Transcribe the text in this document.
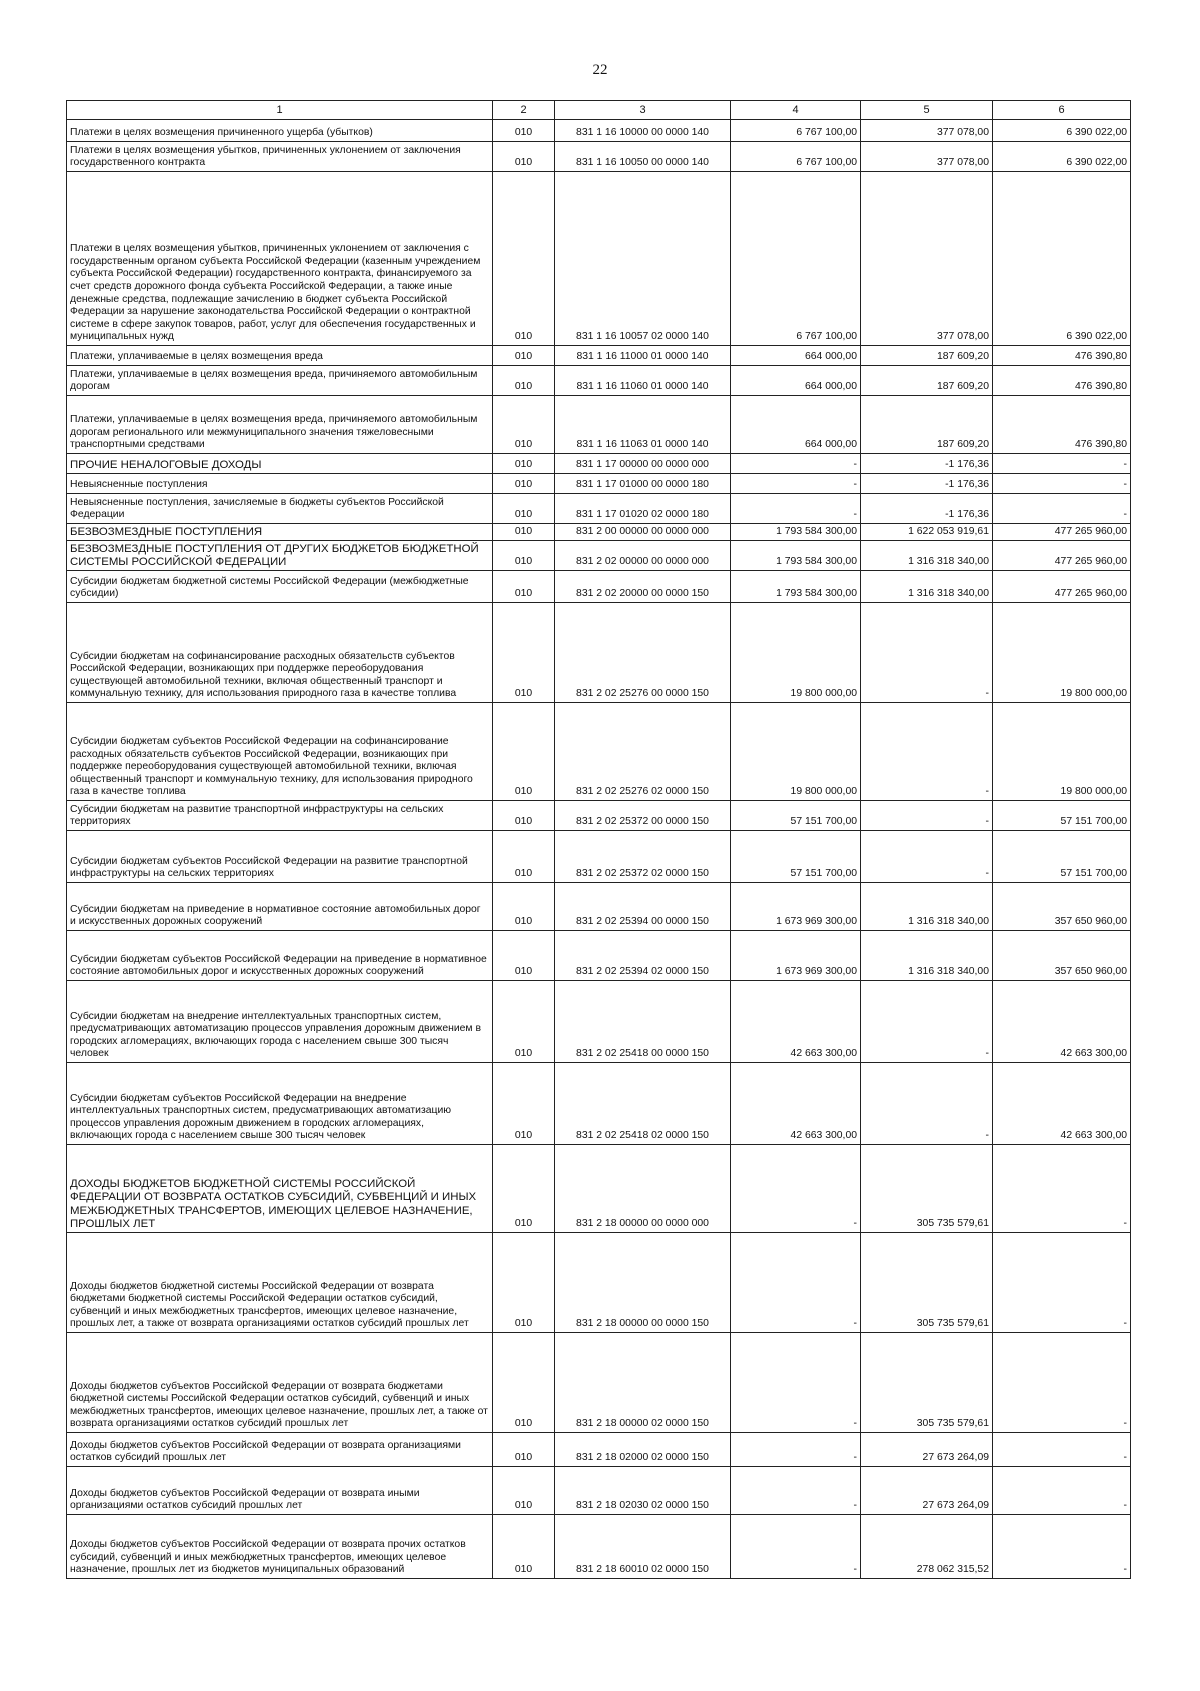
22
1	2	3	4	5	6
Платежи в целях возмещения причиненного ущерба (убытков)	010	831 1 16 10000 00 0000 140	6 767 100,00	377 078,00	6 390 022,00
Платежи в целях возмещения убытков, причиненных уклонением от заключения государственного контракта	010	831 1 16 10050 00 0000 140	6 767 100,00	377 078,00	6 390 022,00
Платежи в целях возмещения убытков, причиненных уклонением от заключения с государственным органом субъекта Российской Федерации (казенным учреждением субъекта Российской Федерации) государственного контракта, финансируемого за счет средств дорожного фонда субъекта Российской Федерации, а также иные денежные средства, подлежащие зачислению в бюджет субъекта Российской Федерации за нарушение законодательства Российской Федерации о контрактной системе в сфере закупок товаров, работ, услуг для обеспечения государственных и муниципальных нужд	010	831 1 16 10057 02 0000 140	6 767 100,00	377 078,00	6 390 022,00
Платежи, уплачиваемые в целях возмещения вреда	010	831 1 16 11000 01 0000 140	664 000,00	187 609,20	476 390,80
Платежи, уплачиваемые в целях возмещения вреда, причиняемого автомобильным дорогам	010	831 1 16 11060 01 0000 140	664 000,00	187 609,20	476 390,80
Платежи, уплачиваемые в целях возмещения вреда, причиняемого автомобильным дорогам регионального или межмуниципального значения тяжеловесными транспортными средствами	010	831 1 16 11063 01 0000 140	664 000,00	187 609,20	476 390,80
ПРОЧИЕ НЕНАЛОГОВЫЕ ДОХОДЫ	010	831 1 17 00000 00 0000 000	-	-1 176,36	-
Невыясненные поступления	010	831 1 17 01000 00 0000 180	-	-1 176,36	-
Невыясненные поступления, зачисляемые в бюджеты субъектов Российской Федерации	010	831 1 17 01020 02 0000 180	-	-1 176,36	-
БЕЗВОЗМЕЗДНЫЕ ПОСТУПЛЕНИЯ	010	831 2 00 00000 00 0000 000	1 793 584 300,00	1 622 053 919,61	477 265 960,00
БЕЗВОЗМЕЗДНЫЕ ПОСТУПЛЕНИЯ ОТ ДРУГИХ БЮДЖЕТОВ БЮДЖЕТНОЙ СИСТЕМЫ РОССИЙСКОЙ ФЕДЕРАЦИИ	010	831 2 02 00000 00 0000 000	1 793 584 300,00	1 316 318 340,00	477 265 960,00
Субсидии бюджетам бюджетной системы Российской Федерации (межбюджетные субсидии)	010	831 2 02 20000 00 0000 150	1 793 584 300,00	1 316 318 340,00	477 265 960,00
Субсидии бюджетам на софинансирование расходных обязательств субъектов Российской Федерации, возникающих при поддержке переоборудования существующей автомобильной техники, включая общественный транспорт и коммунальную технику, для использования природного газа в качестве топлива	010	831 2 02 25276 00 0000 150	19 800 000,00	-	19 800 000,00
Субсидии бюджетам субъектов Российской Федерации на софинансирование расходных обязательств субъектов Российской Федерации, возникающих при поддержке переоборудования существующей автомобильной техники, включая общественный транспорт и коммунальную технику, для использования природного газа в качестве топлива	010	831 2 02 25276 02 0000 150	19 800 000,00	-	19 800 000,00
Субсидии бюджетам на развитие транспортной инфраструктуры на сельских территориях	010	831 2 02 25372 00 0000 150	57 151 700,00	-	57 151 700,00
Субсидии бюджетам субъектов Российской Федерации на развитие транспортной инфраструктуры на сельских территориях	010	831 2 02 25372 02 0000 150	57 151 700,00	-	57 151 700,00
Субсидии бюджетам на приведение в нормативное состояние автомобильных дорог и искусственных дорожных сооружений	010	831 2 02 25394 00 0000 150	1 673 969 300,00	1 316 318 340,00	357 650 960,00
Субсидии бюджетам субъектов Российской Федерации на приведение в нормативное состояние автомобильных дорог и искусственных дорожных сооружений	010	831 2 02 25394 02 0000 150	1 673 969 300,00	1 316 318 340,00	357 650 960,00
Субсидии бюджетам на внедрение интеллектуальных транспортных систем, предусматривающих автоматизацию процессов управления дорожным движением в городских агломерациях, включающих города с населением свыше 300 тысяч человек	010	831 2 02 25418 00 0000 150	42 663 300,00	-	42 663 300,00
Субсидии бюджетам субъектов Российской Федерации на внедрение интеллектуальных транспортных систем, предусматривающих автоматизацию процессов управления дорожным движением в городских агломерациях, включающих города с населением свыше 300 тысяч человек	010	831 2 02 25418 02 0000 150	42 663 300,00	-	42 663 300,00
ДОХОДЫ БЮДЖЕТОВ БЮДЖЕТНОЙ СИСТЕМЫ РОССИЙСКОЙ ФЕДЕРАЦИИ ОТ ВОЗВРАТА ОСТАТКОВ СУБСИДИЙ, СУБВЕНЦИЙ И ИНЫХ МЕЖБЮДЖЕТНЫХ ТРАНСФЕРТОВ, ИМЕЮЩИХ ЦЕЛЕВОЕ НАЗНАЧЕНИЕ, ПРОШЛЫХ ЛЕТ	010	831 2 18 00000 00 0000 000	-	305 735 579,61	-
Доходы бюджетов бюджетной системы Российской Федерации от возврата бюджетами бюджетной системы Российской Федерации остатков субсидий, субвенций и иных межбюджетных трансфертов, имеющих целевое назначение, прошлых лет, а также от возврата организациями остатков субсидий прошлых лет	010	831 2 18 00000 00 0000 150	-	305 735 579,61	-
Доходы бюджетов субъектов Российской Федерации от возврата бюджетами бюджетной системы Российской Федерации остатков субсидий, субвенций и иных межбюджетных трансфертов, имеющих целевое назначение, прошлых лет, а также от возврата организациями остатков субсидий прошлых лет	010	831 2 18 00000 02 0000 150	-	305 735 579,61	-
Доходы бюджетов субъектов Российской Федерации от возврата организациями остатков субсидий прошлых лет	010	831 2 18 02000 02 0000 150	-	27 673 264,09	-
Доходы бюджетов субъектов Российской Федерации от возврата иными организациями остатков субсидий прошлых лет	010	831 2 18 02030 02 0000 150	-	27 673 264,09	-
Доходы бюджетов субъектов Российской Федерации от возврата прочих остатков субсидий, субвенций и иных межбюджетных трансфертов, имеющих целевое назначение, прошлых лет из бюджетов муниципальных образований	010	831 2 18 60010 02 0000 150	-	278 062 315,52	-
